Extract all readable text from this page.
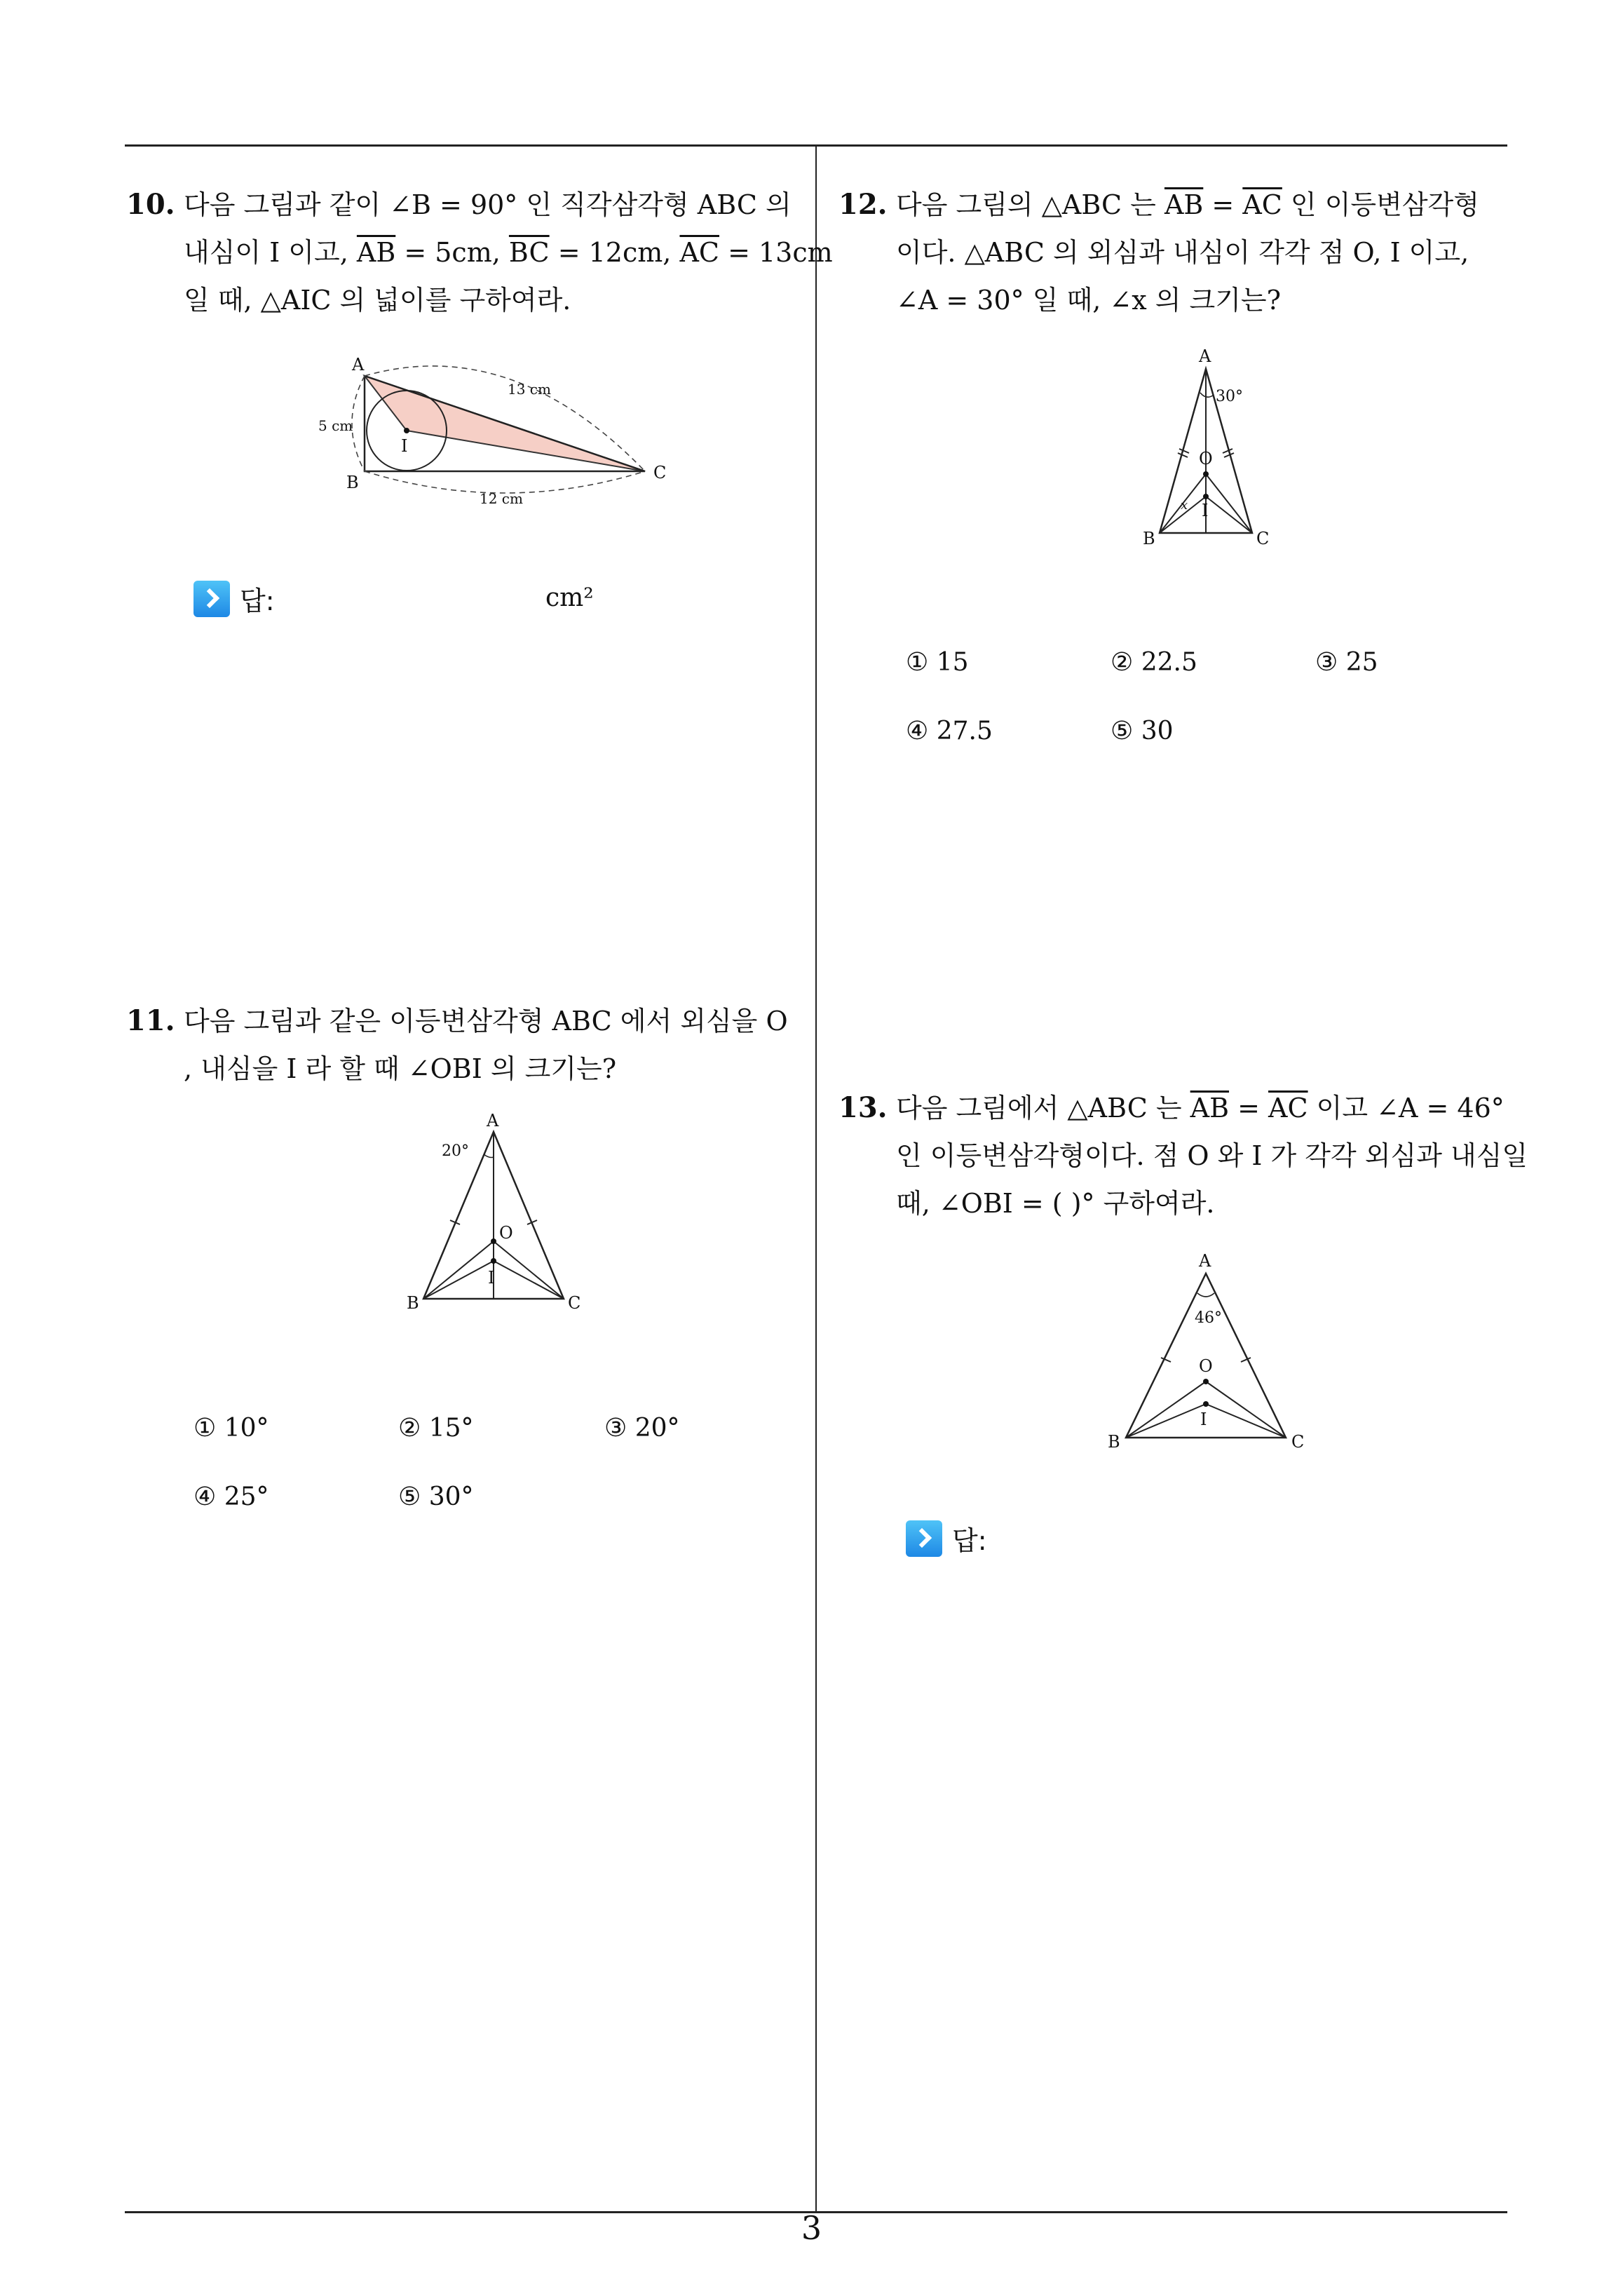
10. 다음 그림과 같이 ∠B = 90° 인 직각삼각형 ABC 의
내심이 I 이고, $\overline{AB} = 5cm$, $\overline{BC} = 12cm$, $\overline{AC} = 13cm$
일 때, △AIC 의 넓이를 구하여라.
A
B	C
I
5 cm
13 cm
12 cm
답:	cm²
11. 다음 그림과 같은 이등변삼각형 ABC 에서 외심을 O
, 내심을 I 라 할 때 ∠OBI 의 크기는?
A
20°
O
I
B	C
① 10°	② 15°	③ 20°
④ 25°	⑤ 30°
12. 다음 그림의 △ABC 는 $\overline{AB} = \overline{AC}$ 인 이등변삼각형
이다. △ABC 의 외심과 내심이 각각 점 O, I 이고,
∠A = 30° 일 때, ∠x 의 크기는?
A
30°
O
x I
B	C
① 15	② 22.5	③ 25
④ 27.5	⑤ 30
13. 다음 그림에서 △ABC 는 $\overline{AB} = \overline{AC}$ 이고 ∠A = 46°
인 이등변삼각형이다. 점 O 와 I 가 각각 외심과 내심일
때, ∠OBI = ( )° 구하여라.
A
46°
O
I
B	C
답:
3
